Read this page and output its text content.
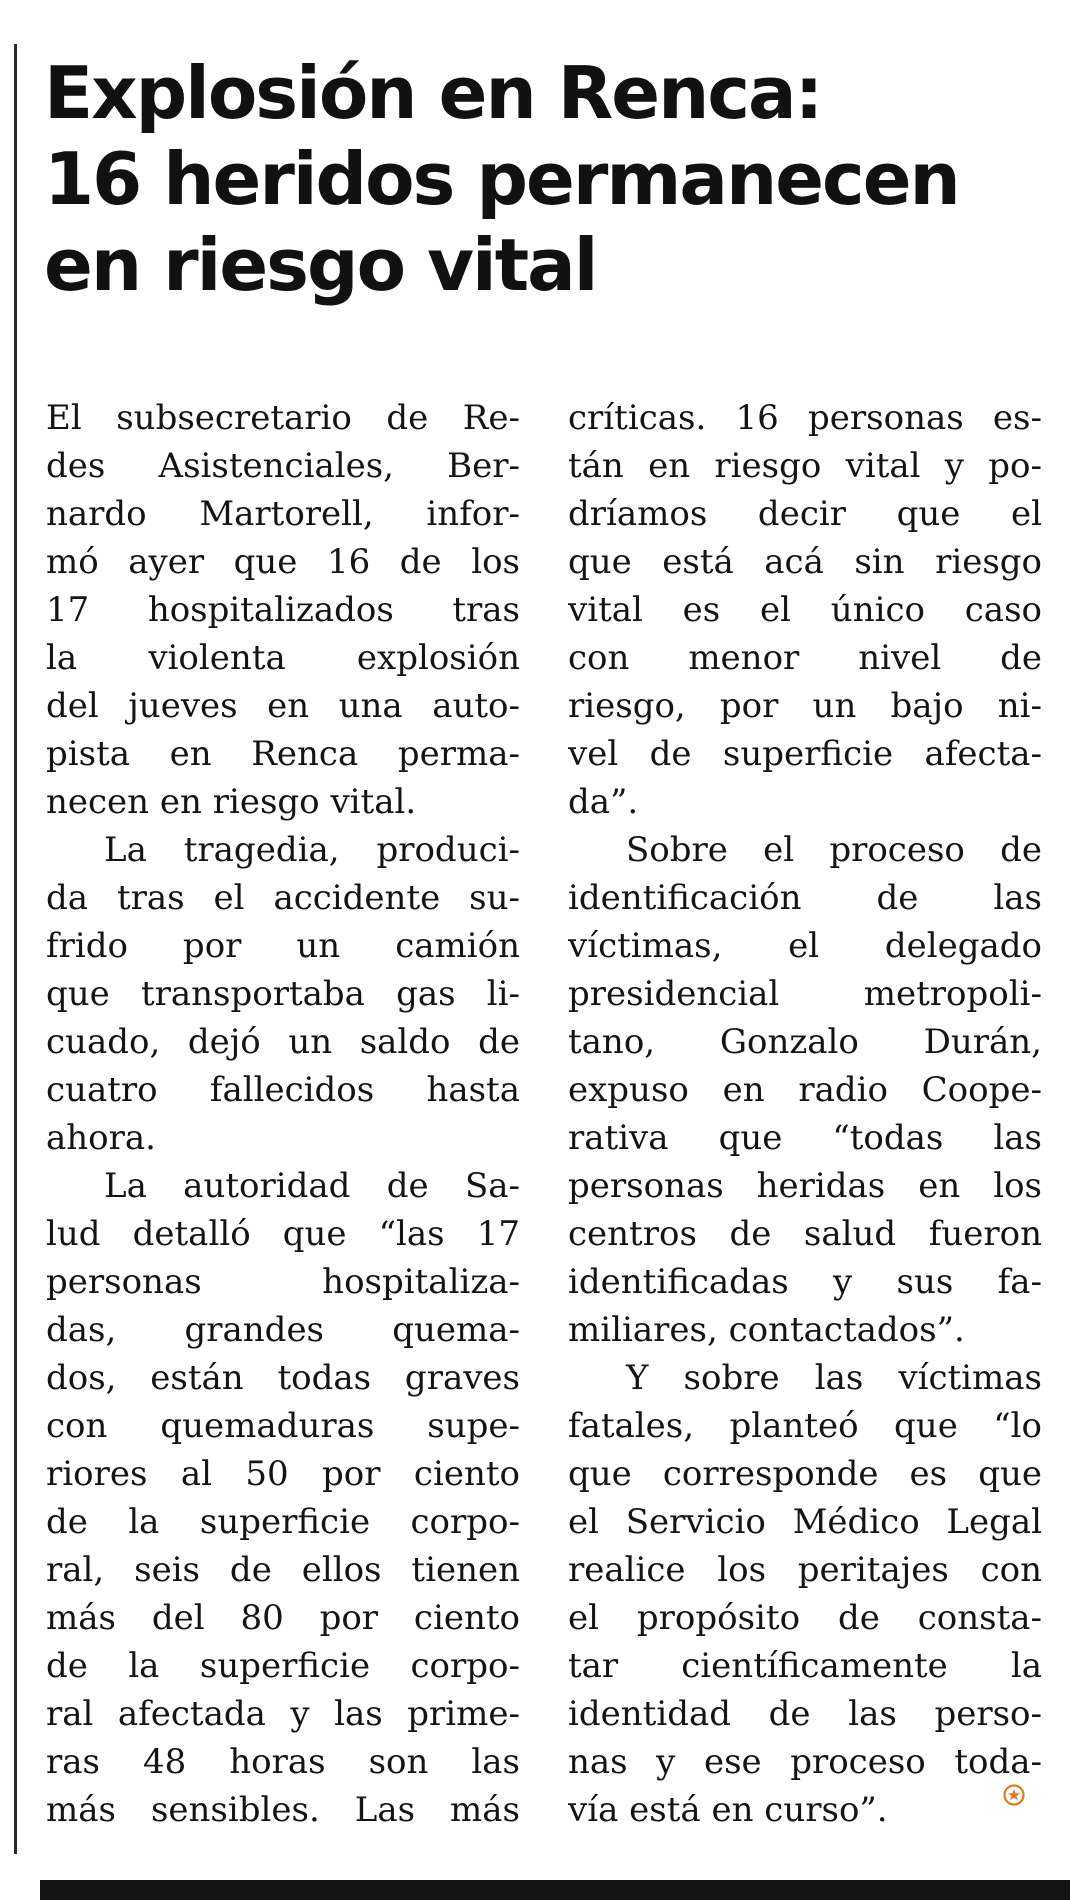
Explosión en Renca:
16 heridos permanecen
en riesgo vital
El subsecretario de Re-
des Asistenciales, Ber-
nardo Martorell, infor-
mó ayer que 16 de los
17 hospitalizados tras
la violenta explosión
del jueves en una auto-
pista en Renca perma-
necen en riesgo vital.
La tragedia, produci-
da tras el accidente su-
frido por un camión
que transportaba gas li-
cuado, dejó un saldo de
cuatro fallecidos hasta
ahora.
La autoridad de Sa-
lud detalló que “las 17
personas hospitaliza-
das, grandes quema-
dos, están todas graves
con quemaduras supe-
riores al 50 por ciento
de la superficie corpo-
ral, seis de ellos tienen
más del 80 por ciento
de la superficie corpo-
ral afectada y las prime-
ras 48 horas son las
más sensibles. Las más
críticas. 16 personas es-
tán en riesgo vital y po-
dríamos decir que el
que está acá sin riesgo
vital es el único caso
con menor nivel de
riesgo, por un bajo ni-
vel de superficie afecta-
da”.
Sobre el proceso de
identificación de las
víctimas, el delegado
presidencial metropoli-
tano, Gonzalo Durán,
expuso en radio Coope-
rativa que “todas las
personas heridas en los
centros de salud fueron
identificadas y sus fa-
miliares, contactados”.
Y sobre las víctimas
fatales, planteó que “lo
que corresponde es que
el Servicio Médico Legal
realice los peritajes con
el propósito de consta-
tar científicamente la
identidad de las perso-
nas y ese proceso toda-
vía está en curso”.
